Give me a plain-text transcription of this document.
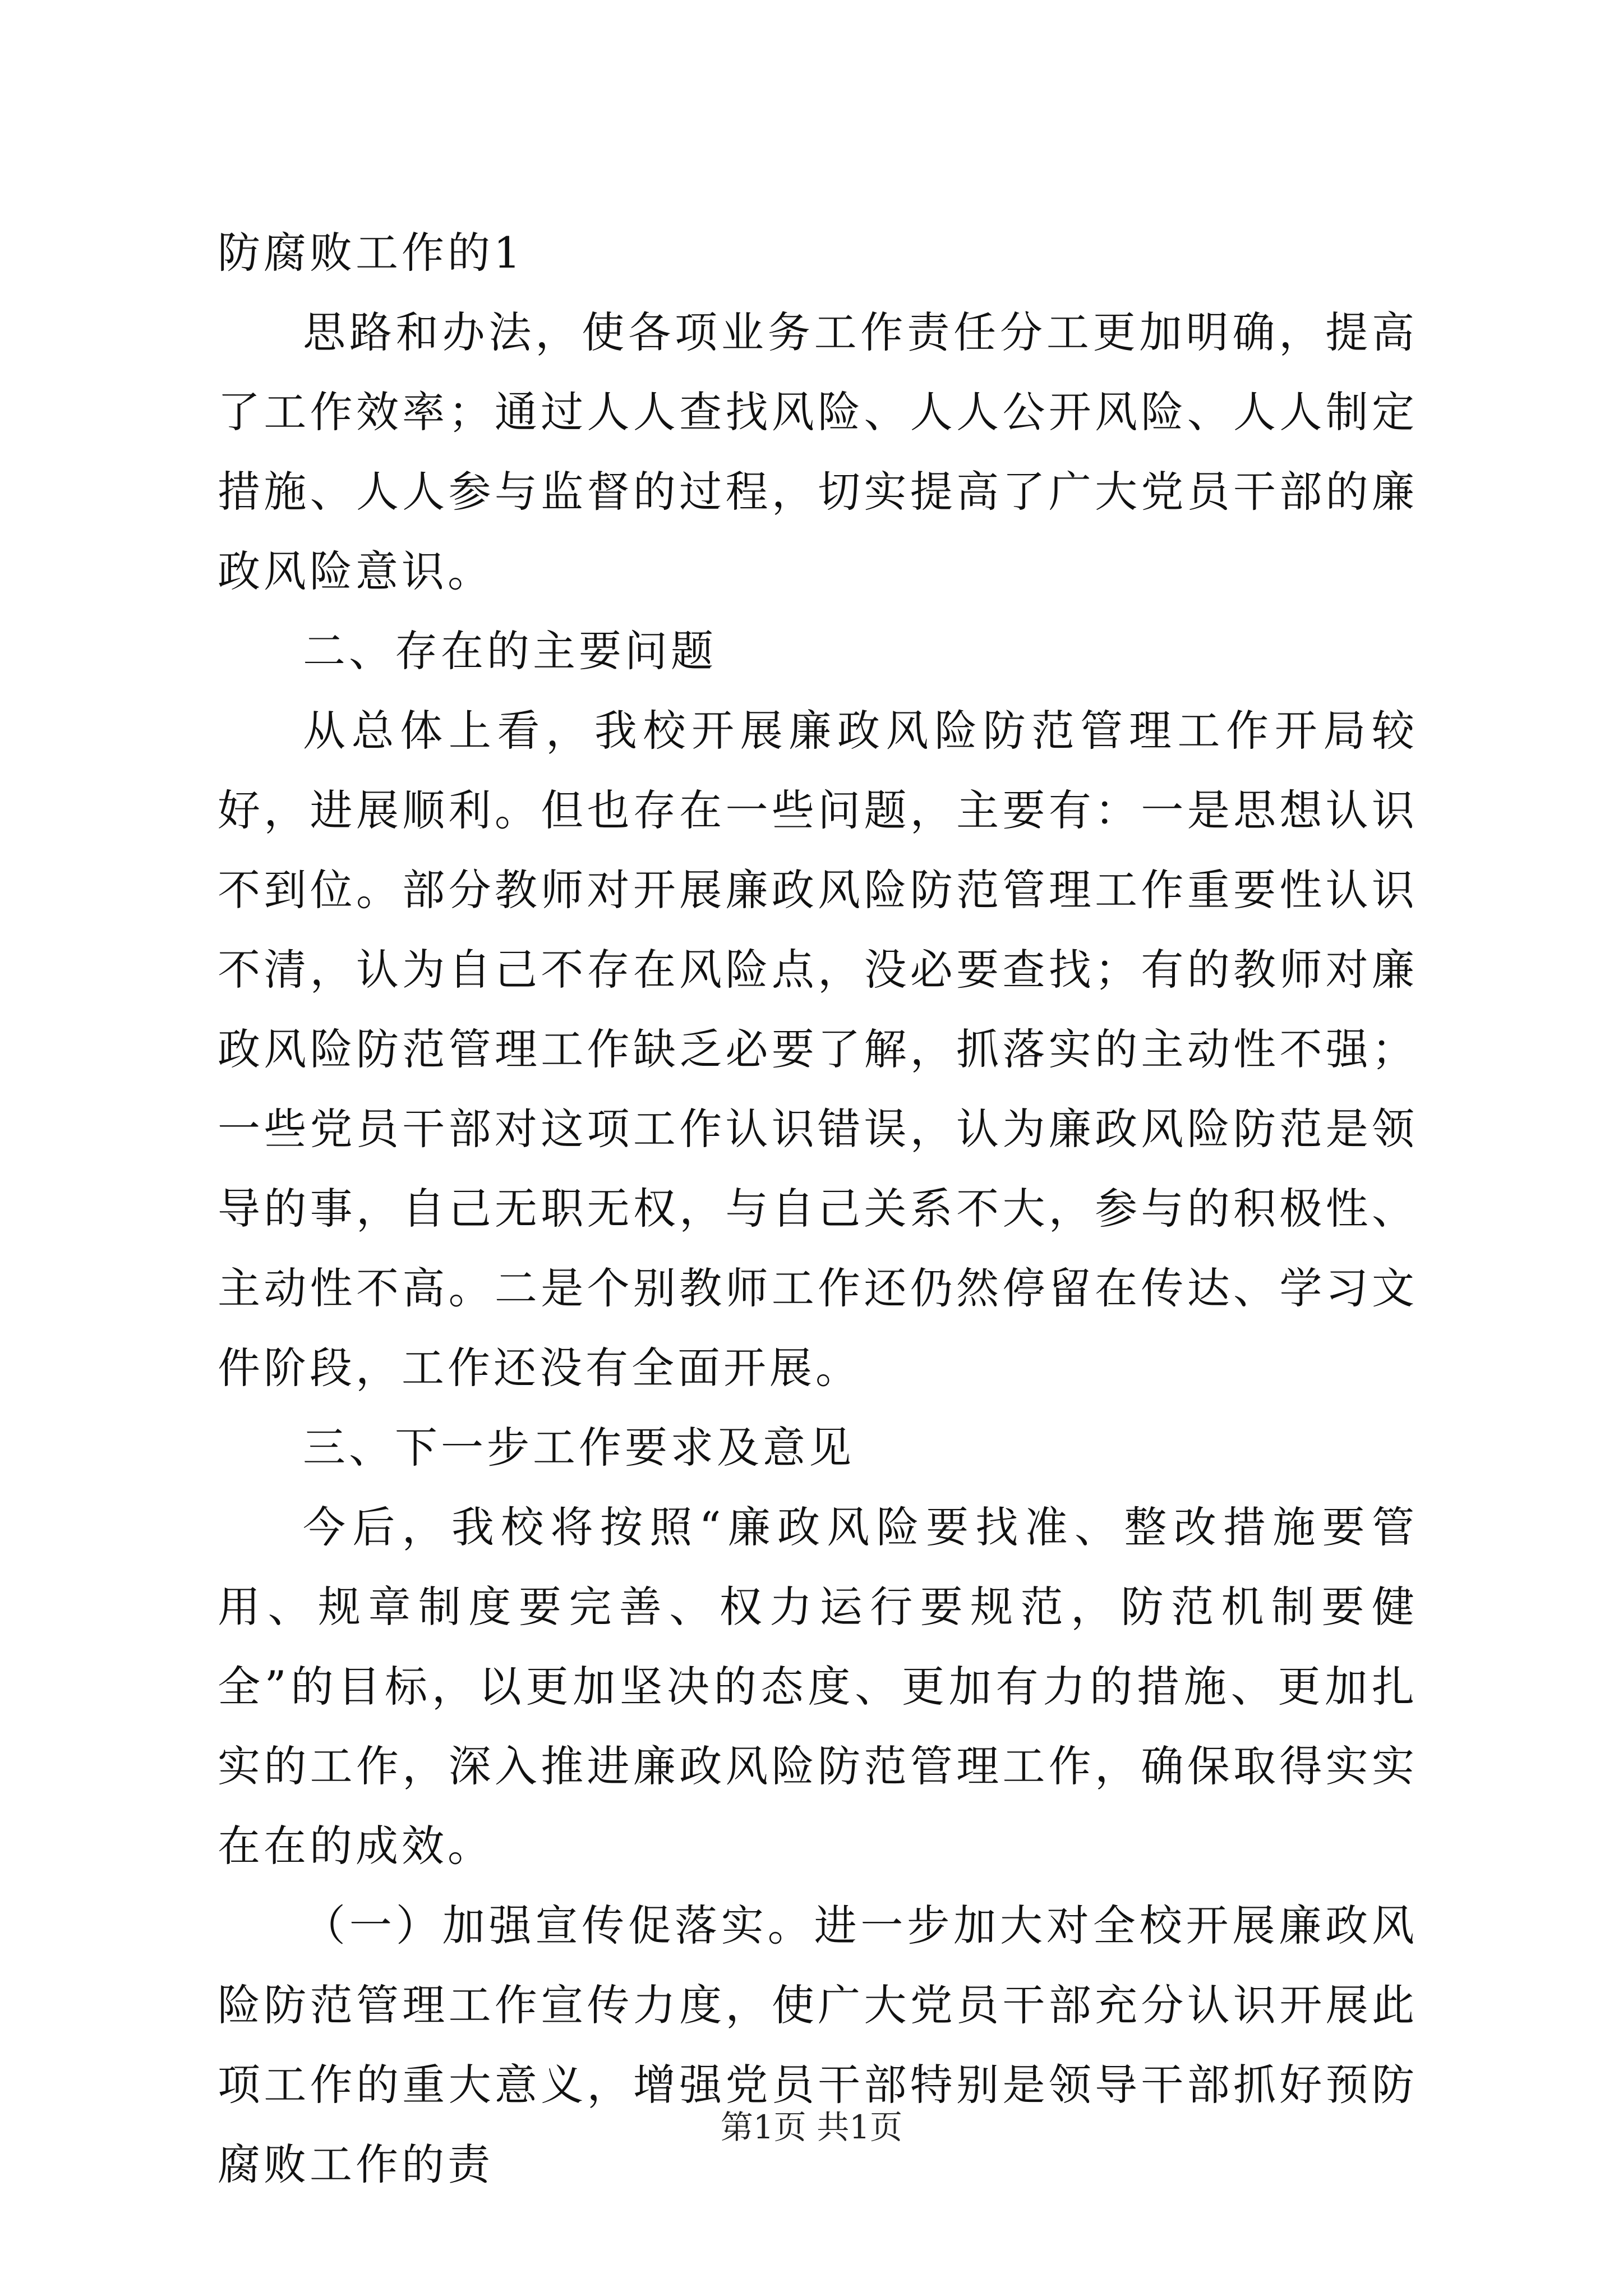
防腐败工作的1

思路和办法，使各项业务工作责任分工更加明确，提高了工作效率；通过人人查找风险、人人公开风险、人人制定措施、人人参与监督的过程，切实提高了广大党员干部的廉政风险意识。

二、存在的主要问题

从总体上看，我校开展廉政风险防范管理工作开局较好，进展顺利。但也存在一些问题，主要有：一是思想认识不到位。部分教师对开展廉政风险防范管理工作重要性认识不清，认为自己不存在风险点，没必要查找；有的教师对廉政风险防范管理工作缺乏必要了解，抓落实的主动性不强；一些党员干部对这项工作认识错误，认为廉政风险防范是领导的事，自己无职无权，与自己关系不大，参与的积极性、主动性不高。二是个别教师工作还仍然停留在传达、学习文件阶段，工作还没有全面开展。

三、下一步工作要求及意见

今后，我校将按照“廉政风险要找准、整改措施要管用、规章制度要完善、权力运行要规范，防范机制要健全”的目标，以更加坚决的态度、更加有力的措施、更加扎实的工作，深入推进廉政风险防范管理工作，确保取得实实在在的成效。

（一）加强宣传促落实。进一步加大对全校开展廉政风险防范管理工作宣传力度，使广大党员干部充分认识开展此项工作的重大意义，增强党员干部特别是领导干部抓好预防腐败工作的责

第1页 共1页
